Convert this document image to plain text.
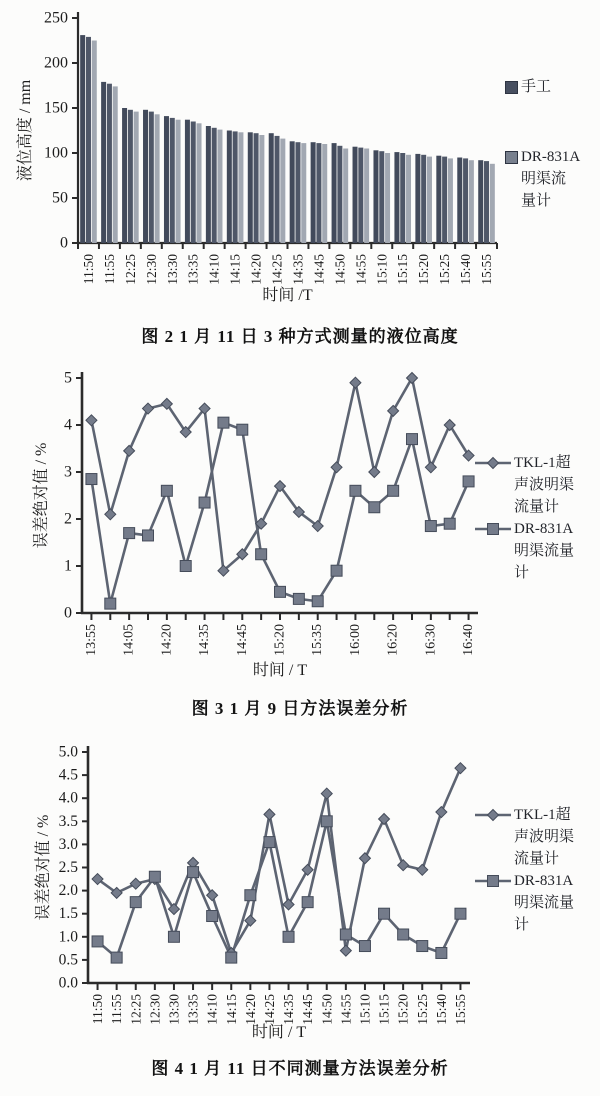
0
50
100
150
200
250
11:50 11:55 12:25 12:30 13:30 13:35 14:10 14:15 14:20 14:25 14:35 14:45 14:50 14:55 15:10 15:15 15:20 15:25 15:40 15:55
时间 /T
液位高度 / mm	手工
DR-831A
明渠流
量计
图 2 1 月 11 日 3 种方式测量的液位高度
0
1
2
3
4
5
13:55 14:05 14:20 14:35 14:45 15:20 15:35 16:00 16:20 16:30 16:40
时间 / T
误差绝对值 / %	TKL-1超
声波明渠
流量计
DR-831A
明渠流量
计
图 3 1 月 9 日方法误差分析
0.0
0.5
1.0
1.5
2.0
2.5
3.0
3.5
4.0
4.5
5.0
11:50 11:55 12:25 12:30 13:30 13:35 14:10 14:15 14:20 14:25 14:35 14:45 14:50 14:55 15:10 15:15 15:20 15:25 15:40 15:55
时间 / T
误差绝对值 / %	TKL-1超
声波明渠
流量计
DR-831A
明渠流量
计
图 4 1 月 11 日不同测量方法误差分析
